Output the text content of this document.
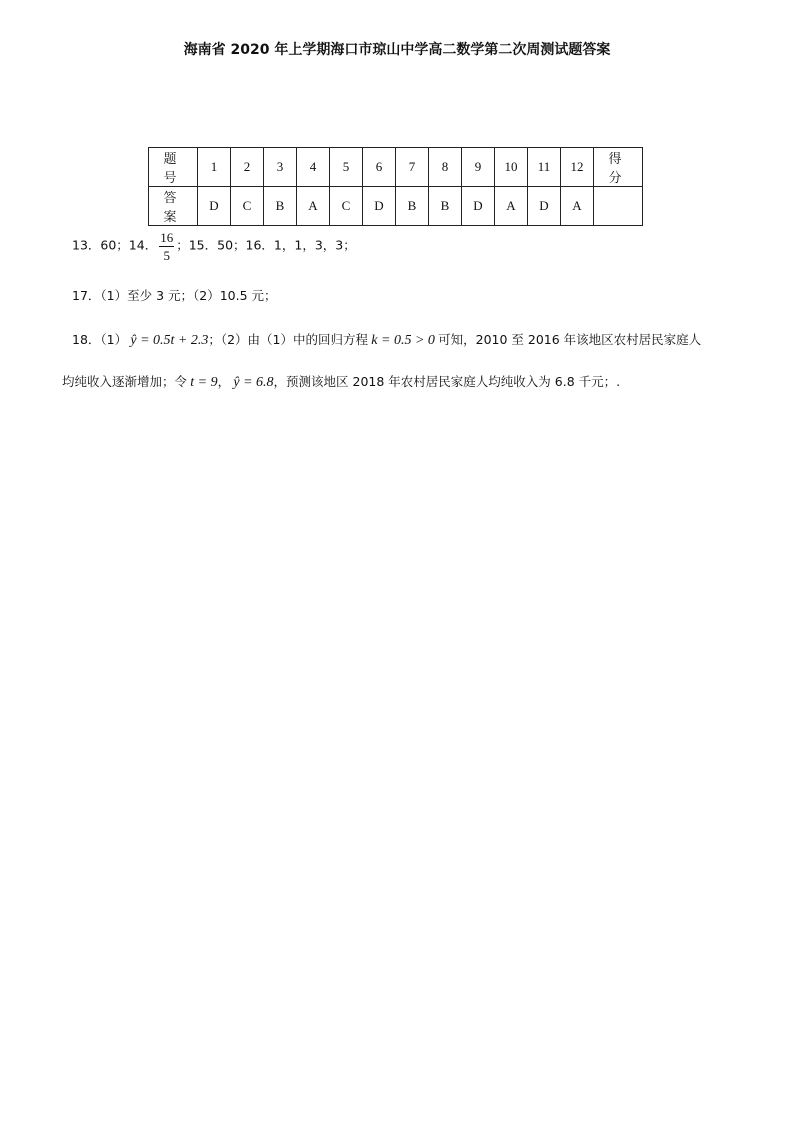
海南省 2020 年上学期海口市琼山中学高二数学第二次周测试题答案
题 号	1	2	3	4	5	6	7	8	9	10	11	12	得 分
答 案	D	C	B	A	C	D	B	B	D	A	D	A	
13．60；14． $\frac{16}{5}$ ；15．50；16．1，1，3，3；
17．（1）至少 3 元；（2）10.5 元；
18．（1） ŷ = 0.5t + 2.3；（2）由（1）中的回归方程 k = 0.5 > 0 可知，2010 至 2016 年该地区农村居民家庭人
均纯收入逐渐增加；令 t = 9， ŷ = 6.8，预测该地区 2018 年农村居民家庭人均纯收入为 6.8 千元；.
